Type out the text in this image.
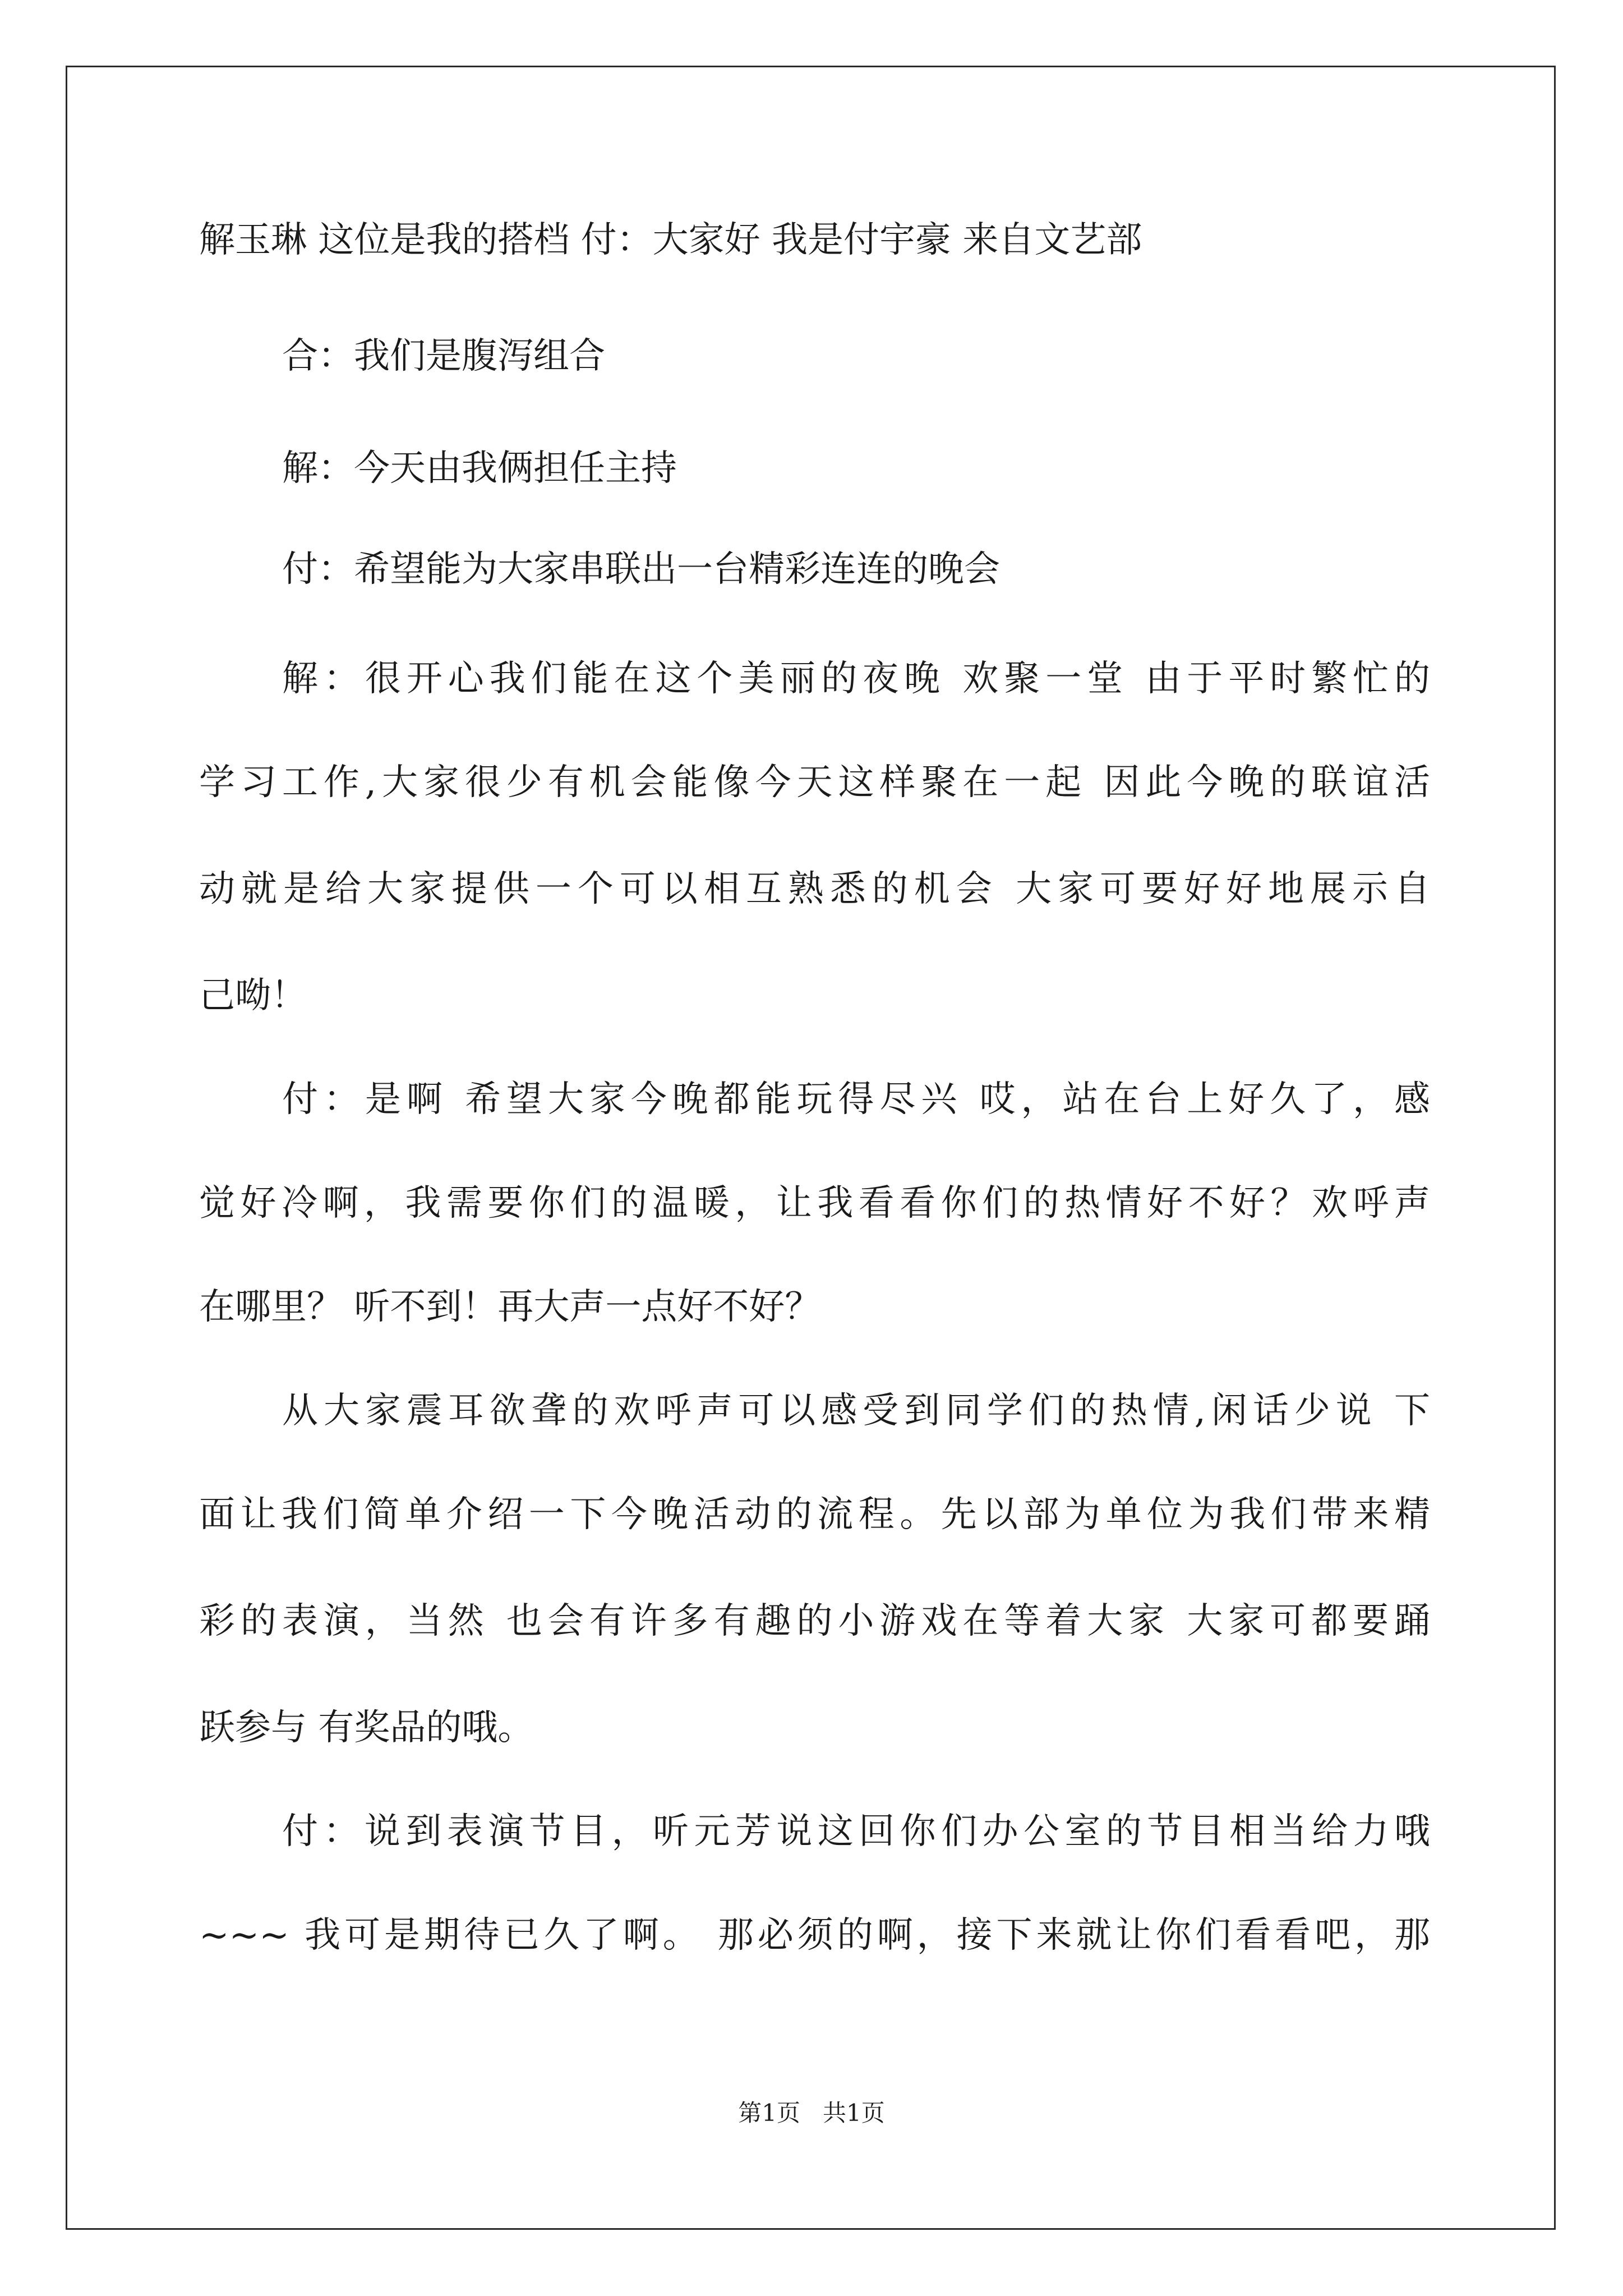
解玉琳 这位是我的搭档 付：大家好 我是付宇豪 来自文艺部

合：我们是腹泻组合

解：今天由我俩担任主持

付：希望能为大家串联出一台精彩连连的晚会

解：很开心我们能在这个美丽的夜晚 欢聚一堂 由于平时繁忙的

学习工作,大家很少有机会能像今天这样聚在一起 因此今晚的联谊活

动就是给大家提供一个可以相互熟悉的机会 大家可要好好地展示自

己呦！

付：是啊 希望大家今晚都能玩得尽兴 哎，站在台上好久了，感

觉好冷啊，我需要你们的温暖，让我看看你们的热情好不好？欢呼声

在哪里？ 听不到！再大声一点好不好？

从大家震耳欲聋的欢呼声可以感受到同学们的热情,闲话少说 下

面让我们简单介绍一下今晚活动的流程。先以部为单位为我们带来精

彩的表演，当然 也会有许多有趣的小游戏在等着大家 大家可都要踊

跃参与 有奖品的哦。

付：说到表演节目，听元芳说这回你们办公室的节目相当给力哦

~~~ 我可是期待已久了啊。 那必须的啊，接下来就让你们看看吧，那

第1页   共1页
